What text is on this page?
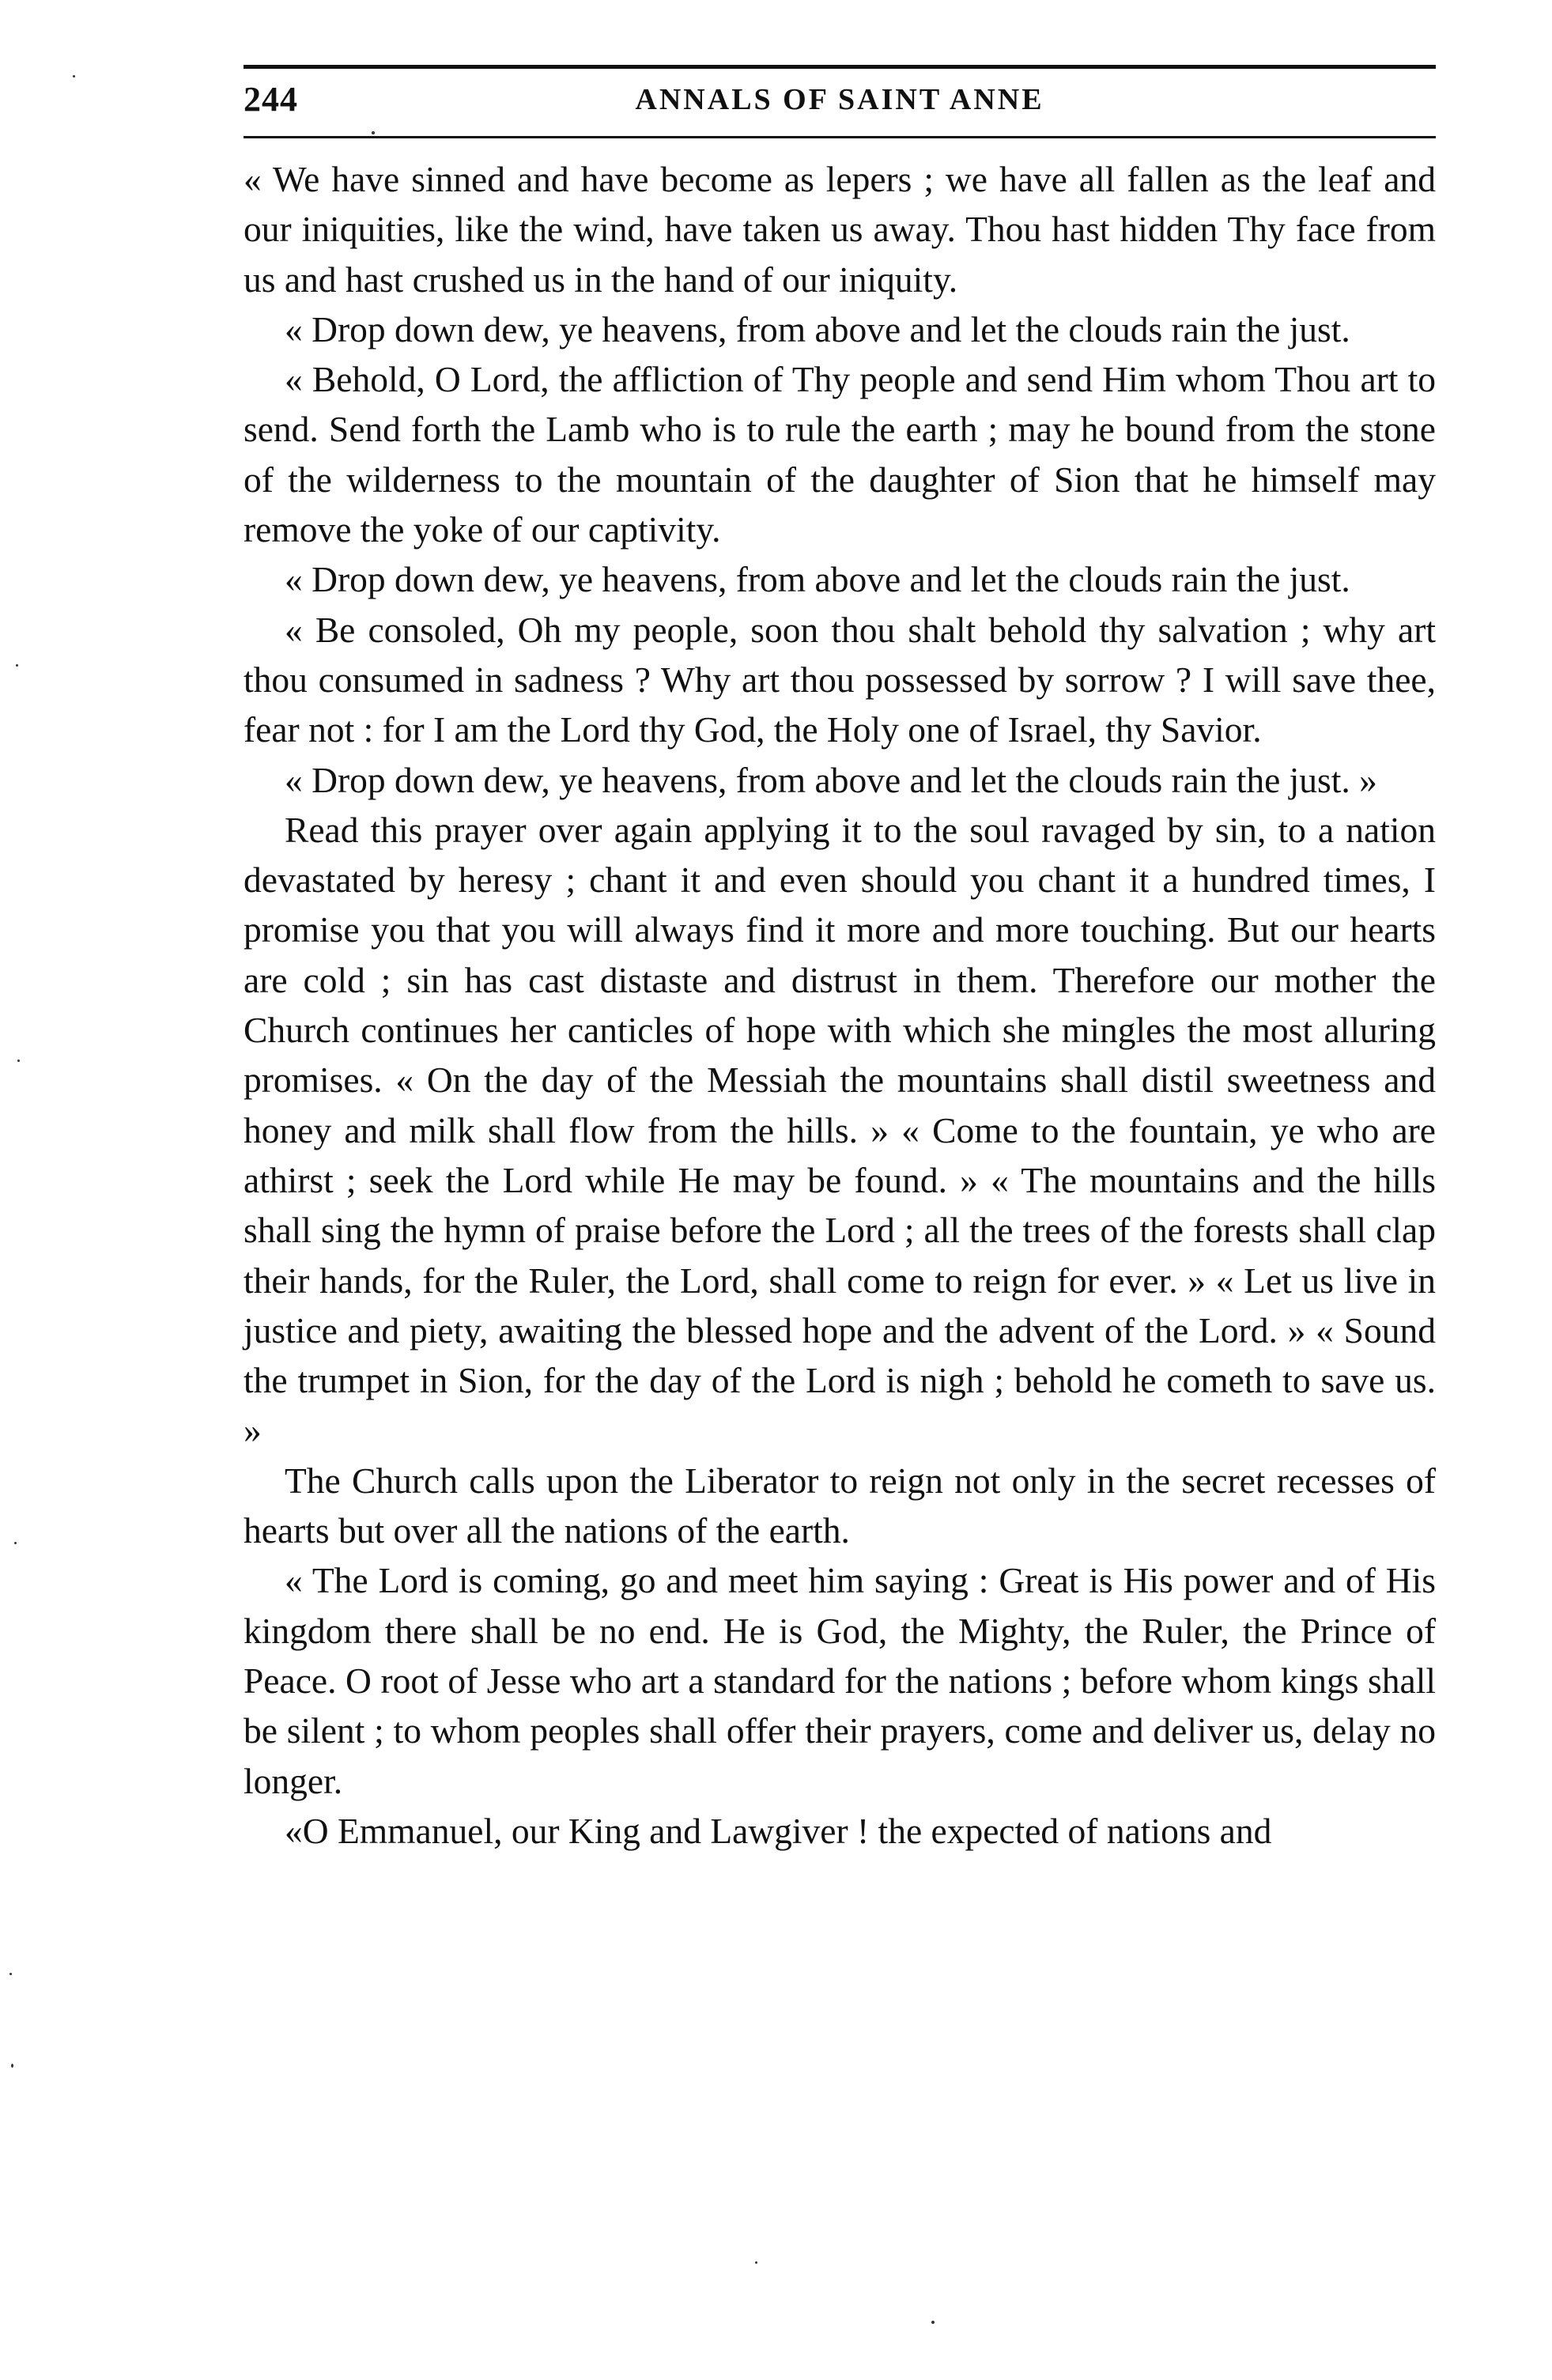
244	ANNALS OF SAINT ANNE

« We have sinned and have become as lepers ; we have all fallen as the leaf and our iniquities, like the wind, have taken us away. Thou hast hidden Thy face from us and hast crushed us in the hand of our iniquity.

« Drop down dew, ye heavens, from above and let the clouds rain the just.

« Behold, O Lord, the affliction of Thy people and send Him whom Thou art to send. Send forth the Lamb who is to rule the earth ; may he bound from the stone of the wilderness to the mountain of the daughter of Sion that he himself may remove the yoke of our captivity.

« Drop down dew, ye heavens, from above and let the clouds rain the just.

« Be consoled, Oh my people, soon thou shalt behold thy salvation ; why art thou consumed in sadness ? Why art thou possessed by sorrow ? I will save thee, fear not : for I am the Lord thy God, the Holy one of Israel, thy Savior.

« Drop down dew, ye heavens, from above and let the clouds rain the just. »

Read this prayer over again applying it to the soul ravaged by sin, to a nation devastated by heresy ; chant it and even should you chant it a hundred times, I promise you that you will always find it more and more touching. But our hearts are cold ; sin has cast distaste and distrust in them. Therefore our mother the Church continues her canticles of hope with which she mingles the most alluring promises. « On the day of the Messiah the mountains shall distil sweetness and honey and milk shall flow from the hills. » « Come to the fountain, ye who are athirst ; seek the Lord while He may be found. » « The mountains and the hills shall sing the hymn of praise before the Lord ; all the trees of the forests shall clap their hands, for the Ruler, the Lord, shall come to reign for ever. » « Let us live in justice and piety, awaiting the blessed hope and the advent of the Lord. » « Sound the trumpet in Sion, for the day of the Lord is nigh ; behold he cometh to save us. »

The Church calls upon the Liberator to reign not only in the secret recesses of hearts but over all the nations of the earth.

« The Lord is coming, go and meet him saying : Great is His power and of His kingdom there shall be no end. He is God, the Mighty, the Ruler, the Prince of Peace. O root of Jesse who art a standard for the nations ; before whom kings shall be silent ; to whom peoples shall offer their prayers, come and deliver us, delay no longer.

«O Emmanuel, our King and Lawgiver ! the expected of nations and
